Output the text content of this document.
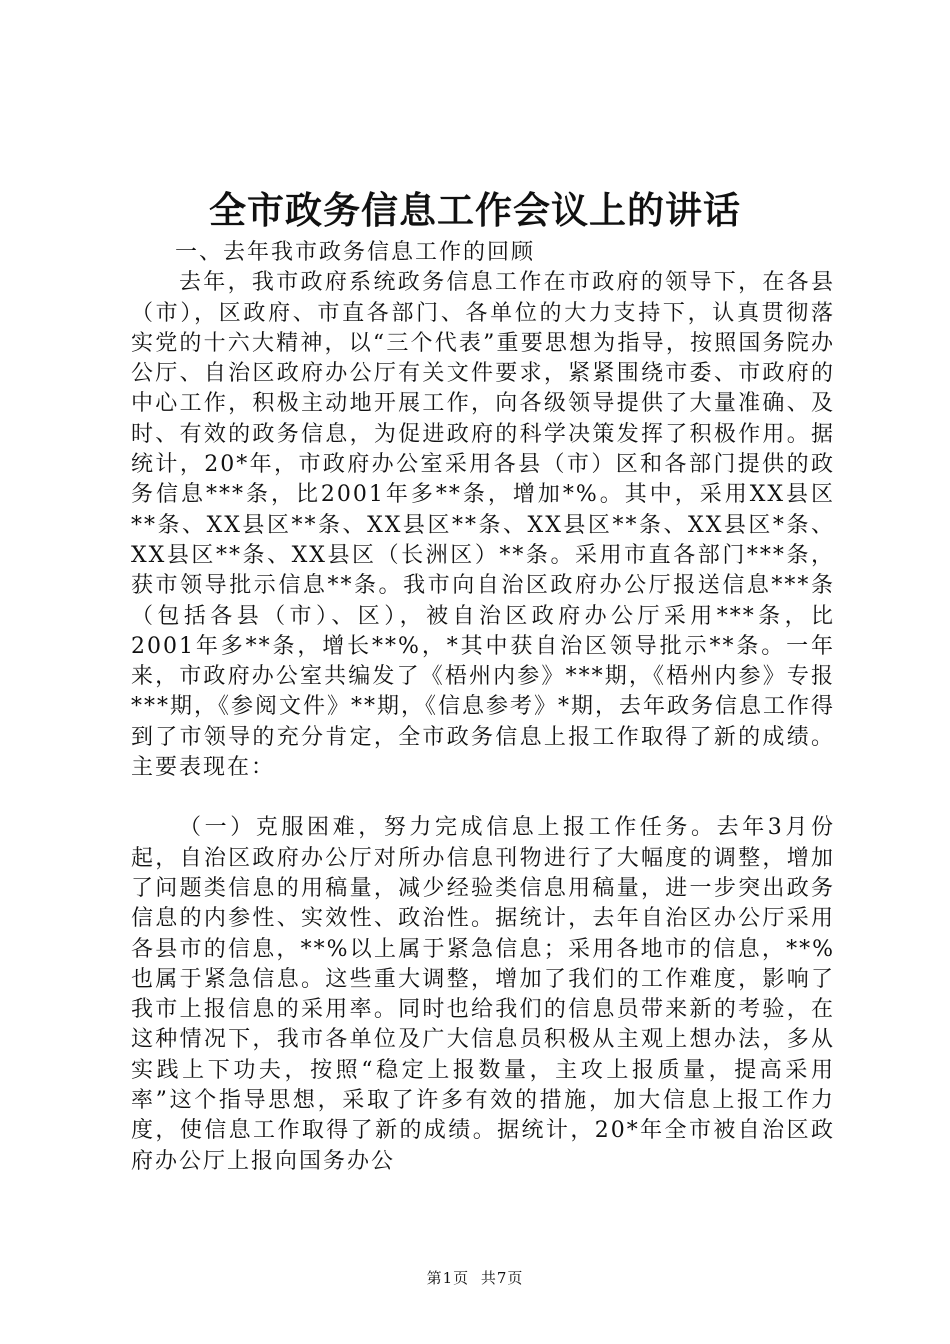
全市政务信息工作会议上的讲话

一、去年我市政务信息工作的回顾

去年，我市政府系统政务信息工作在市政府的领导下，在各县（市），区政府、市直各部门、各单位的大力支持下，认真贯彻落实党的十六大精神，以“三个代表”重要思想为指导，按照国务院办公厅、自治区政府办公厅有关文件要求，紧紧围绕市委、市政府的中心工作，积极主动地开展工作，向各级领导提供了大量准确、及时、有效的政务信息，为促进政府的科学决策发挥了积极作用。据统计，20*年，市政府办公室采用各县（市）区和各部门提供的政务信息***条，比2001年多**条，增加*%。其中，采用XX县区**条、XX县区**条、XX县区**条、XX县区**条、XX县区*条、XX县区**条、XX县区（长洲区）**条。采用市直各部门***条，获市领导批示信息**条。我市向自治区政府办公厅报送信息***条（包括各县（市）、区），被自治区政府办公厅采用***条，比2001年多**条，增长**%，*其中获自治区领导批示**条。一年来，市政府办公室共编发了《梧州内参》***期，《梧州内参》专报***期，《参阅文件》**期，《信息参考》*期，去年政务信息工作得到了市领导的充分肯定，全市政务信息上报工作取得了新的成绩。主要表现在：

（一）克服困难，努力完成信息上报工作任务。去年3月份起，自治区政府办公厅对所办信息刊物进行了大幅度的调整，增加了问题类信息的用稿量，减少经验类信息用稿量，进一步突出政务信息的内参性、实效性、政治性。据统计，去年自治区办公厅采用各县市的信息，**%以上属于紧急信息；采用各地市的信息，**%也属于紧急信息。这些重大调整，增加了我们的工作难度，影响了我市上报信息的采用率。同时也给我们的信息员带来新的考验，在这种情况下，我市各单位及广大信息员积极从主观上想办法，多从实践上下功夫，按照“稳定上报数量，主攻上报质量，提高采用率”这个指导思想，采取了许多有效的措施，加大信息上报工作力度，使信息工作取得了新的成绩。据统计，20*年全市被自治区政府办公厅上报向国务办公

第1页 共7页
